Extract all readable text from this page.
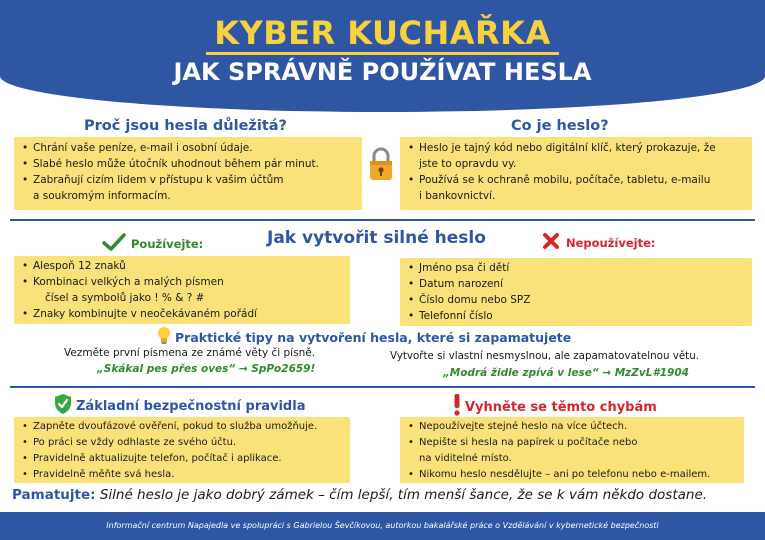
KYBER KUCHAŘKA
JAK SPRÁVNĚ POUŽÍVAT HESLA
Proč jsou hesla důležitá?
• Chrání vaše peníze, e-mail i osobní údaje.
• Slabé heslo může útočník uhodnout během pár minut.
• Zabraňují cizím lidem v přístupu k vašim účtům
a soukromým informacím.
Co je heslo?
• Heslo je tajný kód nebo digitální klíč, který prokazuje, že
jste to opravdu vy.
• Používá se k ochraně mobilu, počítače, tabletu, e-mailu
i bankovnictví.
Používejte:	Jak vytvořit silné heslo	Nepoužívejte:
• Alespoň 12 znaků
• Kombinaci velkých a malých písmen
čísel a symbolů jako ! % & ? #
• Znaky kombinujte v neočekávaném pořádí
• Jméno psa či dětí
• Datum narození
• Číslo domu nebo SPZ
• Telefonní číslo
Praktické tipy na vytvoření hesla, které si zapamatujete
Vezměte první písmena ze známé věty či písně.
„Skákal pes přes oves“ → SpPo2659!
Vytvořte si vlastní nesmyslnou, ale zapamatovatelnou větu.
„Modrá židle zpívá v lese“ → MzZvL#1904
Základní bezpečnostní pravidla
• Zapněte dvoufázové ověření, pokud to služba umožňuje.
• Po práci se vždy odhlaste ze svého účtu.
• Pravidelně aktualizujte telefon, počítač i aplikace.
• Pravidelně měňte svá hesla.
Vyhněte se těmto chybám
• Nepoužívejte stejné heslo na více účtech.
• Nepište si hesla na papírek u počítače nebo
na viditelné místo.
• Nikomu heslo nesdělujte – ani po telefonu nebo e-mailem.
Pamatujte: Silné heslo je jako dobrý zámek – čím lepší, tím menší šance, že se k vám někdo dostane.
Informační centrum Napajedla ve spolupráci s Gabrielou Ševčíkovou, autorkou bakalářské práce o Vzdělávání v kybernetické bezpečnosti
